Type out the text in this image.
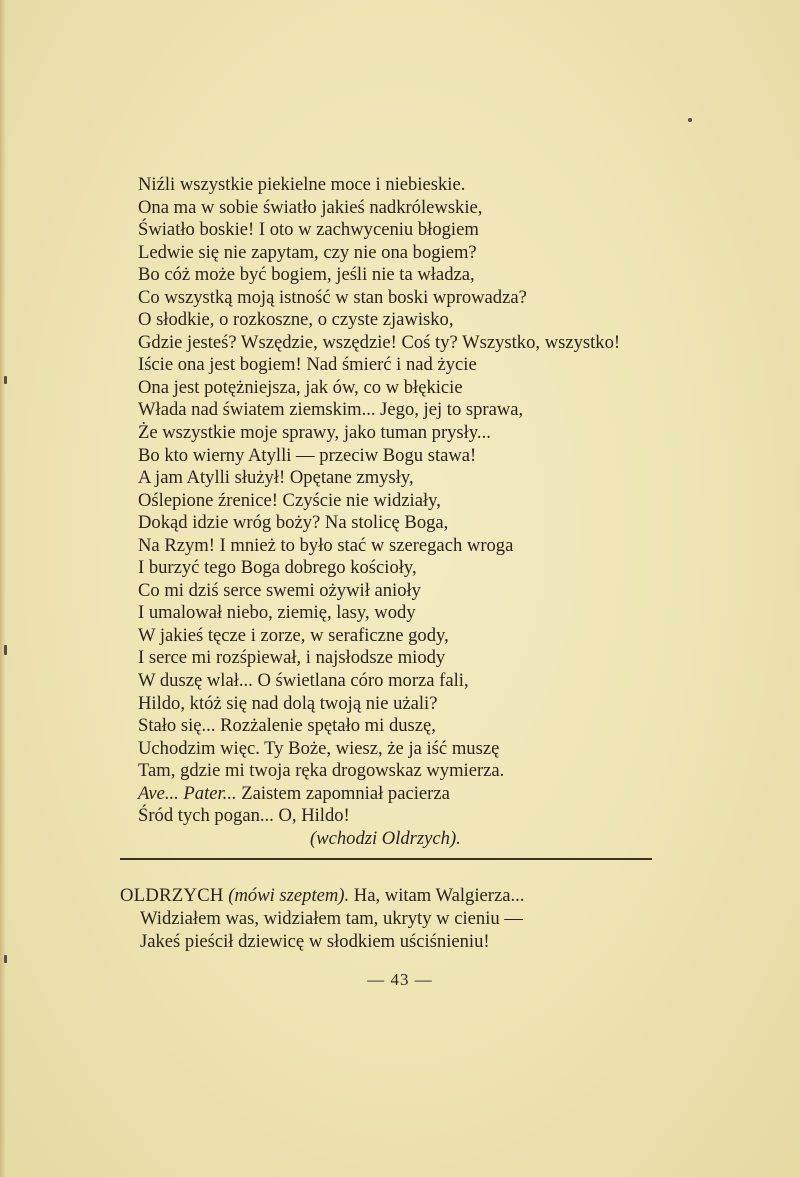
Niźli wszystkie piekielne moce i niebieskie.
Ona ma w sobie światło jakieś nadkrólewskie,
Światło boskie! I oto w zachwyceniu błogiem
Ledwie się nie zapytam, czy nie ona bogiem?
Bo cóż może być bogiem, jeśli nie ta władza,
Co wszystką moją istność w stan boski wprowadza?
O słodkie, o rozkoszne, o czyste zjawisko,
Gdzie jesteś? Wszędzie, wszędzie! Coś ty? Wszystko, wszystko!
Iście ona jest bogiem! Nad śmierć i nad życie
Ona jest potężniejsza, jak ów, co w błękicie
Włada nad światem ziemskim... Jego, jej to sprawa,
Że wszystkie moje sprawy, jako tuman prysły...
Bo kto wierny Atylli — przeciw Bogu stawa!
A jam Atylli służył! Opętane zmysły,
Oślepione źrenice! Czyście nie widziały,
Dokąd idzie wróg boży? Na stolicę Boga,
Na Rzym! I mnież to było stać w szeregach wroga
I burzyć tego Boga dobrego kościoły,
Co mi dziś serce swemi ożywił anioły
I umalował niebo, ziemię, lasy, wody
W jakieś tęcze i zorze, w seraficzne gody,
I serce mi rozśpiewał, i najsłodsze miody
W duszę wlał... O świetlana córo morza fali,
Hildo, któż się nad dolą twoją nie użali?
Stało się... Rozżalenie spętało mi duszę,
Uchodzim więc. Ty Boże, wiesz, że ja iść muszę
Tam, gdzie mi twoja ręka drogowskaz wymierza.
Ave... Pater... Zaistem zapomniał pacierza
Śród tych pogan... O, Hildo!
(wchodzi Oldrzych).
OLDRZYCH (mówi szeptem). Ha, witam Walgierza...
Widziałem was, widziałem tam, ukryty w cieniu —
Jakeś pieścił dziewicę w słodkiem uściśnieniu!
— 43 —
